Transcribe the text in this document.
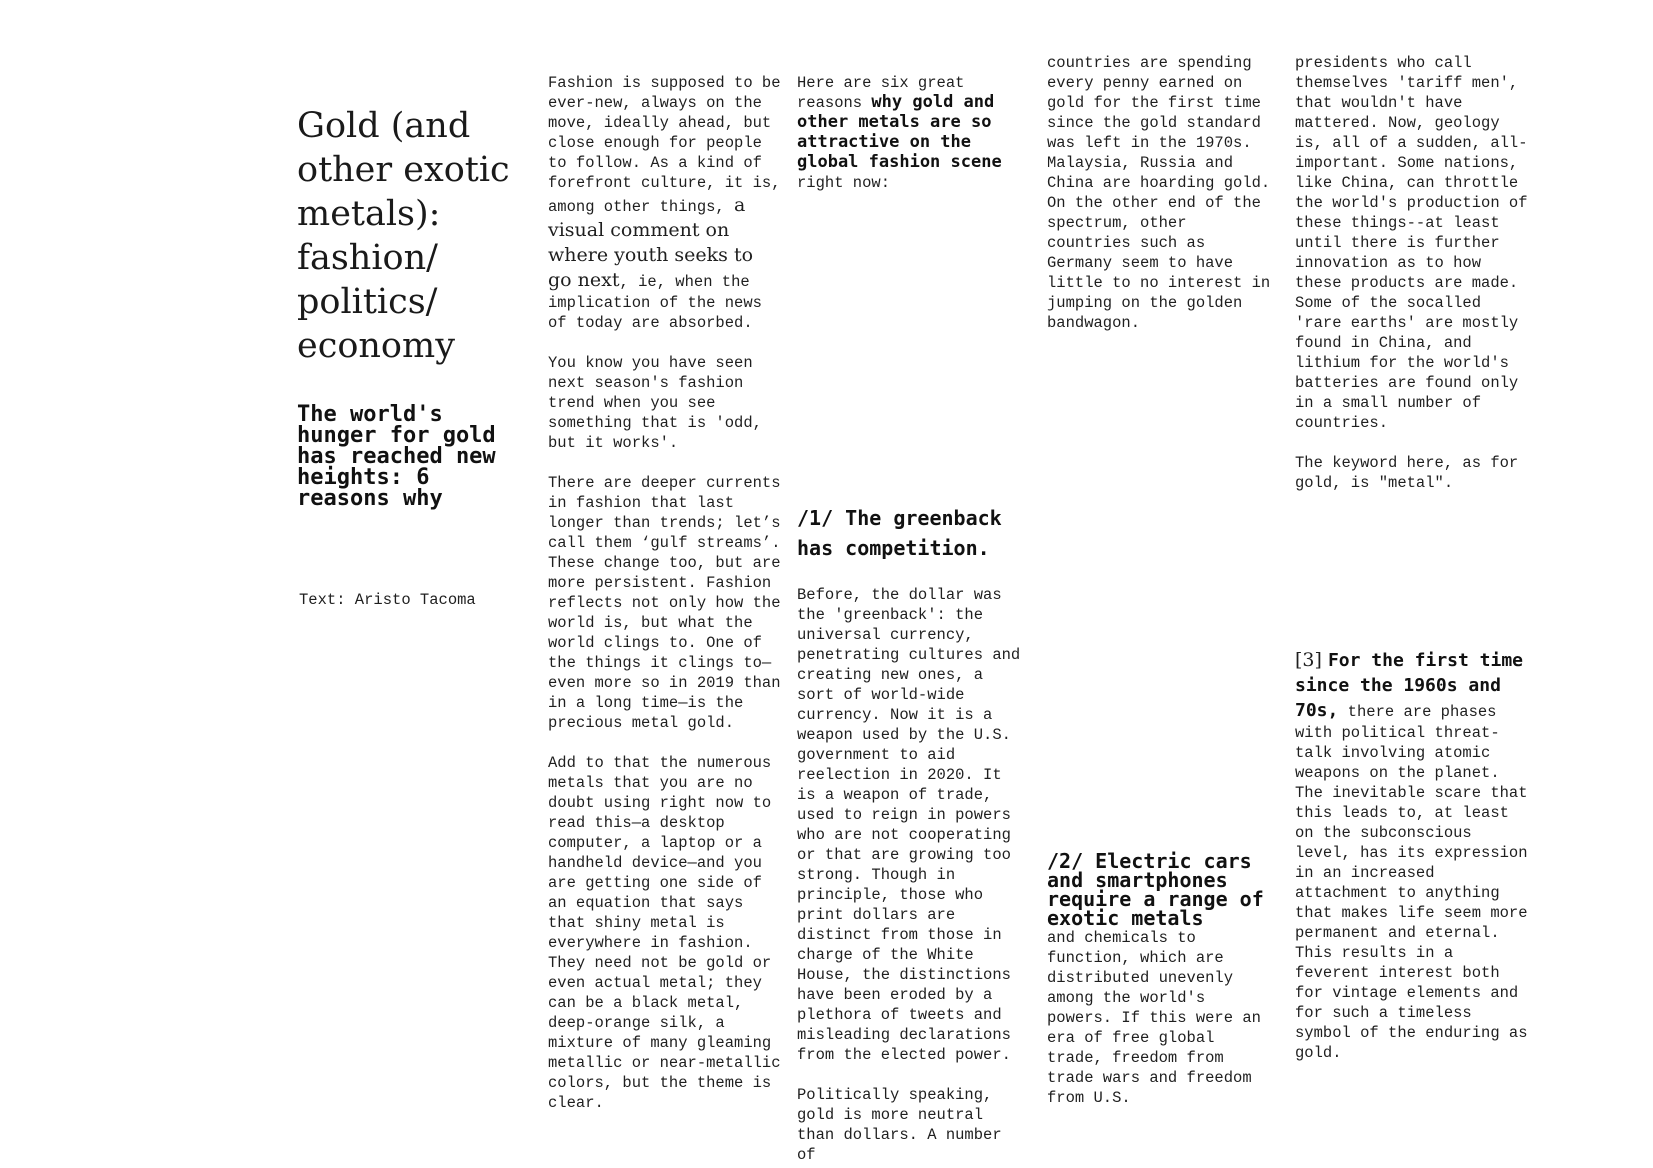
Gold (and other exotic metals): fashion/ politics/ economy
The world's hunger for gold has reached new heights: 6 reasons why
Text: Aristo Tacoma

Fashion is supposed to be ever-new, always on the move, ideally ahead, but close enough for people to follow. As a kind of forefront culture, it is, among other things, a visual comment on where youth seeks to go next, ie, when the implication of the news of today are absorbed.

You know you have seen next season's fashion trend when you see something that is 'odd, but it works'.

There are deeper currents in fashion that last longer than trends; let’s call them ‘gulf streams’. These change too, but are more persistent. Fashion reflects not only how the world is, but what the world clings to. One of the things it clings to—even more so in 2019 than in a long time—is the precious metal gold.

Add to that the numerous metals that you are no doubt using right now to read this—a desktop computer, a laptop or a handheld device—and you are getting one side of an equation that says that shiny metal is everywhere in fashion. They need not be gold or even actual metal; they can be a black metal, deep-orange silk, a mixture of many gleaming metallic or near-metallic colors, but the theme is clear.

Here are six great reasons why gold and other metals are so attractive on the global fashion scene right now:

/1/ The greenback has competition.

Before, the dollar was the 'greenback': the universal currency, penetrating cultures and creating new ones, a sort of world-wide currency. Now it is a weapon used by the U.S. government to aid reelection in 2020. It is a weapon of trade, used to reign in powers who are not cooperating or that are growing too strong. Though in principle, those who print dollars are distinct from those in charge of the White House, the distinctions have been eroded by a plethora of tweets and misleading declarations from the elected power.

Politically speaking, gold is more neutral than dollars. A number of

countries are spending every penny earned on gold for the first time since the gold standard was left in the 1970s. Malaysia, Russia and China are hoarding gold. On the other end of the spectrum, other countries such as Germany seem to have little to no interest in jumping on the golden bandwagon.

/2/ Electric cars and smartphones require a range of exotic metals

and chemicals to function, which are distributed unevenly among the world's powers. If this were an era of free global trade, freedom from trade wars and freedom from U.S.

presidents who call themselves 'tariff men', that wouldn't have mattered. Now, geology is, all of a sudden, all-important. Some nations, like China, can throttle the world's production of these things--at least until there is further innovation as to how these products are made. Some of the socalled 'rare earths' are mostly found in China, and lithium for the world's batteries are found only in a small number of countries.

The keyword here, as for gold, is "metal".

[3] For the first time since the 1960s and 70s, there are phases with political threat-talk involving atomic weapons on the planet. The inevitable scare that this leads to, at least on the subconscious level, has its expression in an increased attachment to anything that makes life seem more permanent and eternal. This results in a feverent interest both for vintage elements and for such a timeless symbol of the enduring as gold.
